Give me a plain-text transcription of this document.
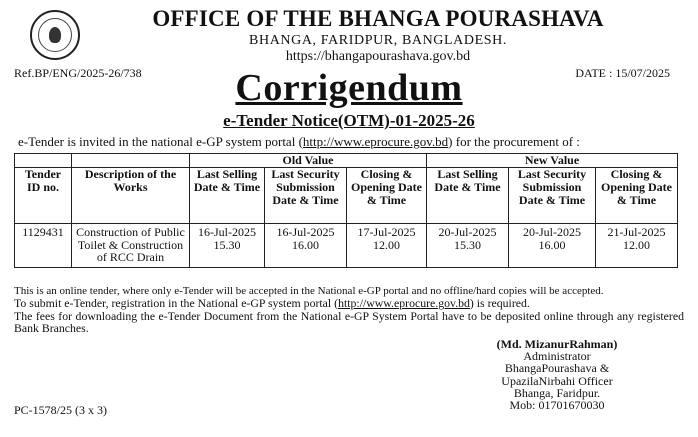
OFFICE OF THE BHANGA POURASHAVA
BHANGA, FARIDPUR, BANGLADESH.
https://bhangapourashava.gov.bd
Ref.BP/ENG/2025-26/738	DATE : 15/07/2025
Corrigendum
e-Tender Notice(OTM)-01-2025-26
e-Tender is invited in the national e-GP system portal (http://www.eprocure.gov.bd) for the procurement of :
		Old Value			New Value		
Tender ID no.	Description of the Works	Last Selling Date & Time	Last Security Submission Date & Time	Closing & Opening Date & Time	Last Selling Date & Time	Last Security Submission Date & Time	Closing & Opening Date & Time
1129431	Construction of Public Toilet & Construction of RCC Drain	16-Jul-2025 15.30	16-Jul-2025 16.00	17-Jul-2025 12.00	20-Jul-2025 15.30	20-Jul-2025 16.00	21-Jul-2025 12.00
This is an online tender, where only e-Tender will be accepted in the National e-GP portal and no offline/hard copies will be accepted.
To submit e-Tender, registration in the National e-GP system portal (http://www.eprocure.gov.bd) is required.
The fees for downloading the e-Tender Document from the National e-GP System Portal have to be deposited online through any registered Bank Branches.
(Md. MizanurRahman)
Administrator
BhangaPourashava &
UpazilaNirbahi Officer
Bhanga, Faridpur.
Mob: 01701670030
PC-1578/25 (3 x 3)
